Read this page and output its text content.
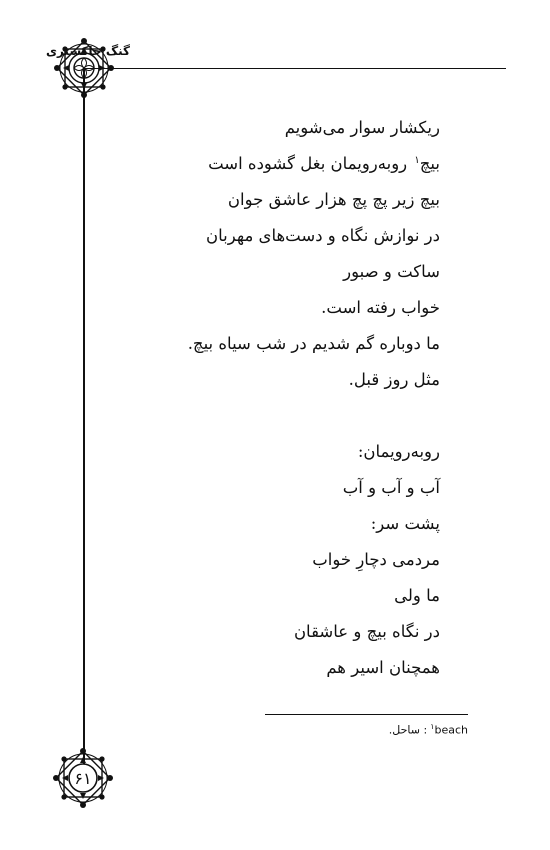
گنگ خاکستری
ریکشار سوار می‌شویم
بیچ$^۱$ روبه‌رویمان بغل گشوده است
بیچ زیر پچ پچ هزار عاشق جوان
در نوازش نگاه و دست‌های مهربان
ساکت و صبور
خواب رفته است.
ما دوباره گم شدیم در شب سیاه بیچ.
مثل روز قبل.
روبه‌رویمان:
آب و آب و آب
پشت سر:
مردمی دچارِ خواب
ما ولی
در نگاه بیچ و عاشقان
همچنان اسیر هم
$^۱$beach: ساحل.
۶۱
